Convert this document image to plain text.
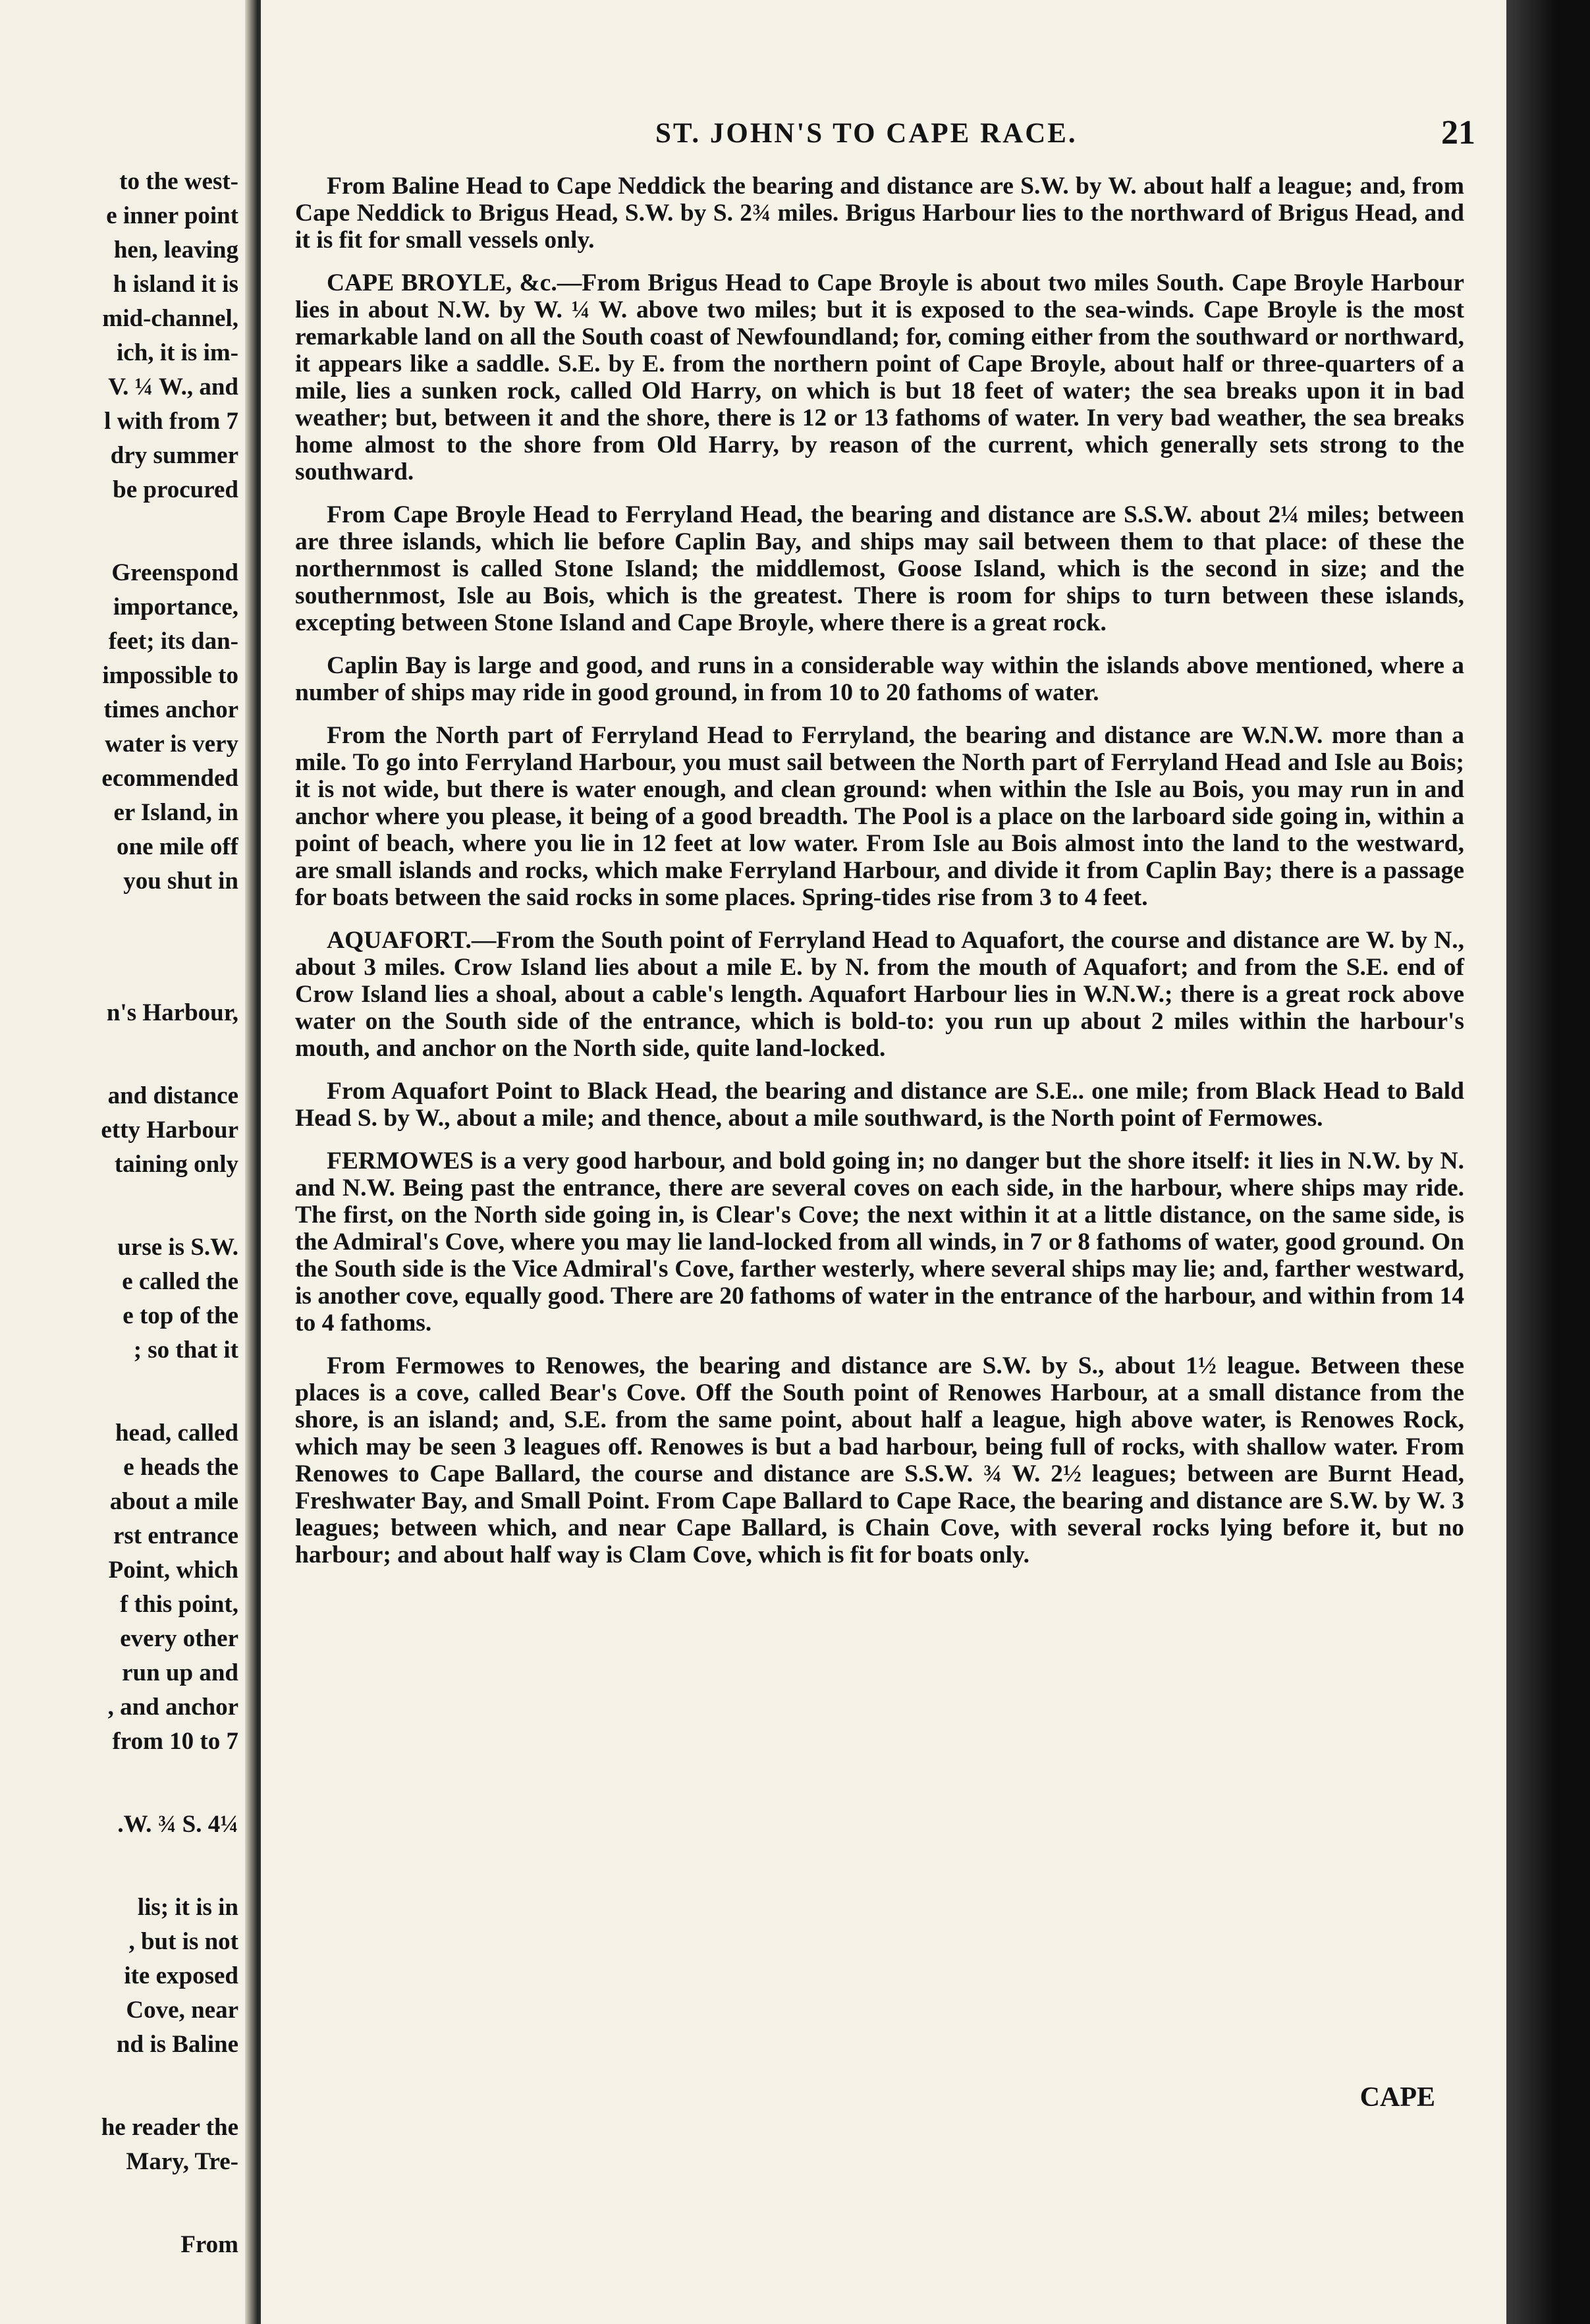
to the west-
e inner point
hen, leaving
h island it is
mid-channel,
ich, it is im-
V. ¼ W., and
l with from 7
dry summer
be procured
Greenspond
importance,
feet; its dan-
impossible to
times anchor
water is very
ecommended
er Island, in
one mile off
you shut in
n's Harbour,
and distance
etty Harbour
taining only
urse is S.W.
e called the
e top of the
; so that it
head, called
e heads the
about a mile
rst entrance
Point, which
f this point,
every other
run up and
, and anchor
from 10 to 7
.W. ¾ S. 4¼
lis; it is in
, but is not
ite exposed
Cove, near
nd is Baline
he reader the
Mary, Tre-
From
ST. JOHN'S TO CAPE RACE.	21

From Baline Head to Cape Neddick the bearing and distance are S.W. by W. about half a league; and, from Cape Neddick to Brigus Head, S.W. by S. 2¾ miles. Brigus Harbour lies to the northward of Brigus Head, and it is fit for small vessels only.

CAPE BROYLE, &c.—From Brigus Head to Cape Broyle is about two miles South. Cape Broyle Harbour lies in about N.W. by W. ¼ W. above two miles; but it is exposed to the sea-winds. Cape Broyle is the most remarkable land on all the South coast of Newfoundland; for, coming either from the southward or northward, it appears like a saddle. S.E. by E. from the northern point of Cape Broyle, about half or three-quarters of a mile, lies a sunken rock, called Old Harry, on which is but 18 feet of water; the sea breaks upon it in bad weather; but, between it and the shore, there is 12 or 13 fathoms of water. In very bad weather, the sea breaks home almost to the shore from Old Harry, by reason of the current, which generally sets strong to the southward.

From Cape Broyle Head to Ferryland Head, the bearing and distance are S.S.W. about 2¼ miles; between are three islands, which lie before Caplin Bay, and ships may sail between them to that place: of these the northernmost is called Stone Island; the middlemost, Goose Island, which is the second in size; and the southernmost, Isle au Bois, which is the greatest. There is room for ships to turn between these islands, excepting between Stone Island and Cape Broyle, where there is a great rock.

Caplin Bay is large and good, and runs in a considerable way within the islands above mentioned, where a number of ships may ride in good ground, in from 10 to 20 fathoms of water.

From the North part of Ferryland Head to Ferryland, the bearing and distance are W.N.W. more than a mile. To go into Ferryland Harbour, you must sail between the North part of Ferryland Head and Isle au Bois; it is not wide, but there is water enough, and clean ground: when within the Isle au Bois, you may run in and anchor where you please, it being of a good breadth. The Pool is a place on the larboard side going in, within a point of beach, where you lie in 12 feet at low water. From Isle au Bois almost into the land to the westward, are small islands and rocks, which make Ferryland Harbour, and divide it from Caplin Bay; there is a passage for boats between the said rocks in some places. Spring-tides rise from 3 to 4 feet.

AQUAFORT.—From the South point of Ferryland Head to Aquafort, the course and distance are W. by N., about 3 miles. Crow Island lies about a mile E. by N. from the mouth of Aquafort; and from the S.E. end of Crow Island lies a shoal, about a cable's length. Aquafort Harbour lies in W.N.W.; there is a great rock above water on the South side of the entrance, which is bold-to: you run up about 2 miles within the harbour's mouth, and anchor on the North side, quite land-locked.

From Aquafort Point to Black Head, the bearing and distance are S.E.. one mile; from Black Head to Bald Head S. by W., about a mile; and thence, about a mile southward, is the North point of Fermowes.

FERMOWES is a very good harbour, and bold going in; no danger but the shore itself: it lies in N.W. by N. and N.W. Being past the entrance, there are several coves on each side, in the harbour, where ships may ride. The first, on the North side going in, is Clear's Cove; the next within it at a little distance, on the same side, is the Admiral's Cove, where you may lie land-locked from all winds, in 7 or 8 fathoms of water, good ground. On the South side is the Vice Admiral's Cove, farther westerly, where several ships may lie; and, farther westward, is another cove, equally good. There are 20 fathoms of water in the entrance of the harbour, and within from 14 to 4 fathoms.

From Fermowes to Renowes, the bearing and distance are S.W. by S., about 1½ league. Between these places is a cove, called Bear's Cove. Off the South point of Renowes Harbour, at a small distance from the shore, is an island; and, S.E. from the same point, about half a league, high above water, is Renowes Rock, which may be seen 3 leagues off. Renowes is but a bad harbour, being full of rocks, with shallow water. From Renowes to Cape Ballard, the course and distance are S.S.W. ¾ W. 2½ leagues; between are Burnt Head, Freshwater Bay, and Small Point. From Cape Ballard to Cape Race, the bearing and distance are S.W. by W. 3 leagues; between which, and near Cape Ballard, is Chain Cove, with several rocks lying before it, but no harbour; and about half way is Clam Cove, which is fit for boats only.

CAPE
